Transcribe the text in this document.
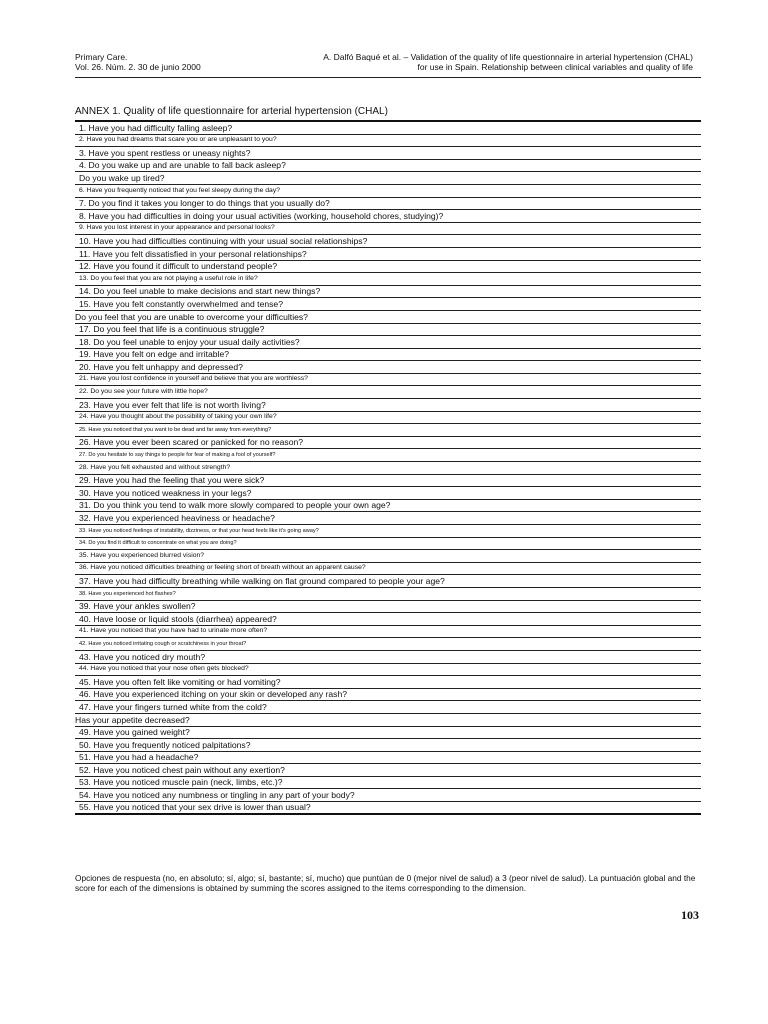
Primary Care.
Vol. 26. Núm. 2. 30 de junio 2000
A. Dalfó Baqué et al. – Validation of the quality of life questionnaire in arterial hypertension (CHAL)
for use in Spain. Relationship between clinical variables and quality of life
ANNEX 1. Quality of life questionnaire for arterial hypertension (CHAL)
1. Have you had difficulty falling asleep?
2. Have you had dreams that scare you or are unpleasant to you?
3. Have you spent restless or uneasy nights?
4. Do you wake up and are unable to fall back asleep?
Do you wake up tired?
6. Have you frequently noticed that you feel sleepy during the day?
7. Do you find it takes you longer to do things that you usually do?
8. Have you had difficulties in doing your usual activities (working, household chores, studying)?
9. Have you lost interest in your appearance and personal looks?
10. Have you had difficulties continuing with your usual social relationships?
11. Have you felt dissatisfied in your personal relationships?
12. Have you found it difficult to understand people?
13. Do you feel that you are not playing a useful role in life?
14. Do you feel unable to make decisions and start new things?
15. Have you felt constantly overwhelmed and tense?
Do you feel that you are unable to overcome your difficulties?
17. Do you feel that life is a continuous struggle?
18. Do you feel unable to enjoy your usual daily activities?
19. Have you felt on edge and irritable?
20. Have you felt unhappy and depressed?
21. Have you lost confidence in yourself and believe that you are worthless?
22. Do you see your future with little hope?
23. Have you ever felt that life is not worth living?
24. Have you thought about the possibility of taking your own life?
25. Have you noticed that you want to be dead and far away from everything?
26. Have you ever been scared or panicked for no reason?
27. Do you hesitate to say things to people for fear of making a fool of yourself?
28. Have you felt exhausted and without strength?
29. Have you had the feeling that you were sick?
30. Have you noticed weakness in your legs?
31. Do you think you tend to walk more slowly compared to people your own age?
32. Have you experienced heaviness or headache?
33. Have you noticed feelings of instability, dizziness, or that your head feels like it's going away?
34. Do you find it difficult to concentrate on what you are doing?
35. Have you experienced blurred vision?
36. Have you noticed difficulties breathing or feeling short of breath without an apparent cause?
37. Have you had difficulty breathing while walking on flat ground compared to people your age?
38. Have you experienced hot flashes?
39. Have your ankles swollen?
40. Have loose or liquid stools (diarrhea) appeared?
41. Have you noticed that you have had to urinate more often?
42. Have you noticed irritating cough or scratchiness in your throat?
43. Have you noticed dry mouth?
44. Have you noticed that your nose often gets blocked?
45. Have you often felt like vomiting or had vomiting?
46. Have you experienced itching on your skin or developed any rash?
47. Have your fingers turned white from the cold?
Has your appetite decreased?
49. Have you gained weight?
50. Have you frequently noticed palpitations?
51. Have you had a headache?
52. Have you noticed chest pain without any exertion?
53. Have you noticed muscle pain (neck, limbs, etc.)?
54. Have you noticed any numbness or tingling in any part of your body?
55. Have you noticed that your sex drive is lower than usual?
Opciones de respuesta (no, en absoluto; sí, algo; sí, bastante; sí, mucho) que puntúan de 0 (mejor nivel de salud) a 3 (peor nivel de salud). La puntuación global and the score for each of the dimensions is obtained by summing the scores assigned to the items corresponding to the dimension.
103
